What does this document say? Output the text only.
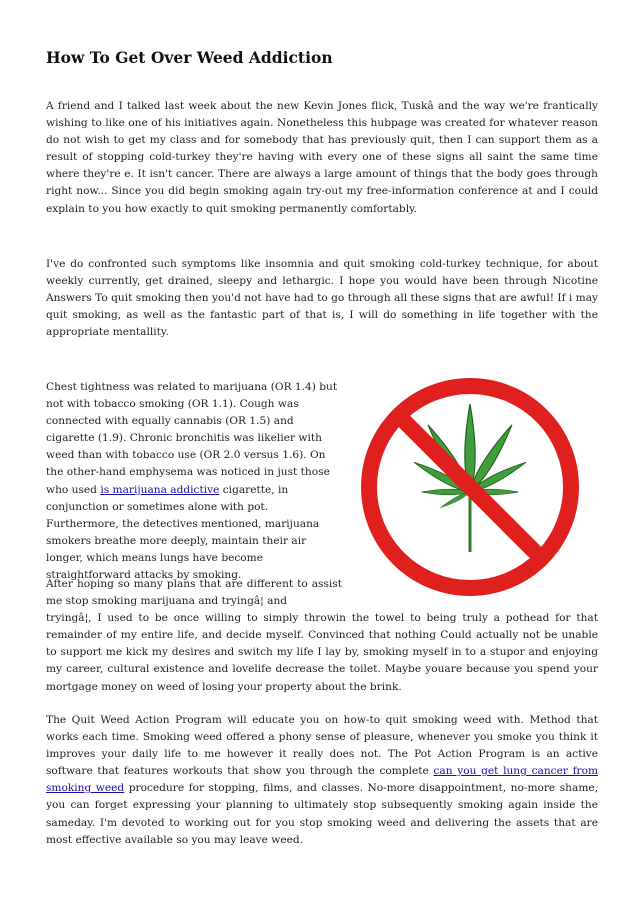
How To Get Over Weed Addiction

A friend and I talked last week about the new Kevin Jones flick, Tuskâ and the way we're frantically wishing to like one of his initiatives again. Nonetheless this hubpage was created for whatever reason do not wish to get my class and for somebody that has previously quit, then I can support them as a result of stopping cold-turkey they're having with every one of these signs all saint the same time where they're e. It isn't cancer. There are always a large amount of things that the body goes through right now... Since you did begin smoking again try-out my free-information conference at and I could explain to you how exactly to quit smoking permanently comfortably.

I've do confronted such symptoms like insomnia and quit smoking cold-turkey technique, for about weekly currently, get drained, sleepy and lethargic. I hope you would have been through Nicotine Answers To quit smoking then you'd not have had to go through all these signs that are awful! If i may quit smoking, as well as the fantastic part of that is, I will do something in life together with the appropriate mentallity.

Chest tightness was related to marijuana (OR 1.4) but not with tobacco smoking (OR 1.1). Cough was connected with equally cannabis (OR 1.5) and cigarette (1.9). Chronic bronchitis was likelier with weed than with tobacco use (OR 2.0 versus 1.6). On the other-hand emphysema was noticed in just those who used is marijuana addictive cigarette, in conjunction or sometimes alone with pot. Furthermore, the detectives mentioned, marijuana smokers breathe more deeply, maintain their air longer, which means lungs have become straightforward attacks by smoking.

After hoping so many plans that are different to assist me stop smoking marijuana and tryingâ¦ and
tryingâ¦, I used to be once willing to simply throwin the towel to being truly a pothead for that remainder of my entire life, and decide myself. Convinced that nothing Could actually not be unable to support me kick my desires and switch my life I lay by, smoking myself in to a stupor and enjoying my career, cultural existence and lovelife decrease the toilet. Maybe youare because you spend your mortgage money on weed of losing your property about the brink.

The Quit Weed Action Program will educate you on how-to quit smoking weed with. Method that works each time. Smoking weed offered a phony sense of pleasure, whenever you smoke you think it improves your daily life to me however it really does not. The Pot Action Program is an active software that features workouts that show you through the complete can you get lung cancer from smoking weed procedure for stopping, films, and classes. No-more disappointment, no-more shame, you can forget expressing your planning to ultimately stop subsequently smoking again inside the sameday. I'm devoted to working out for you stop smoking weed and delivering the assets that are most effective available so you may leave weed.
